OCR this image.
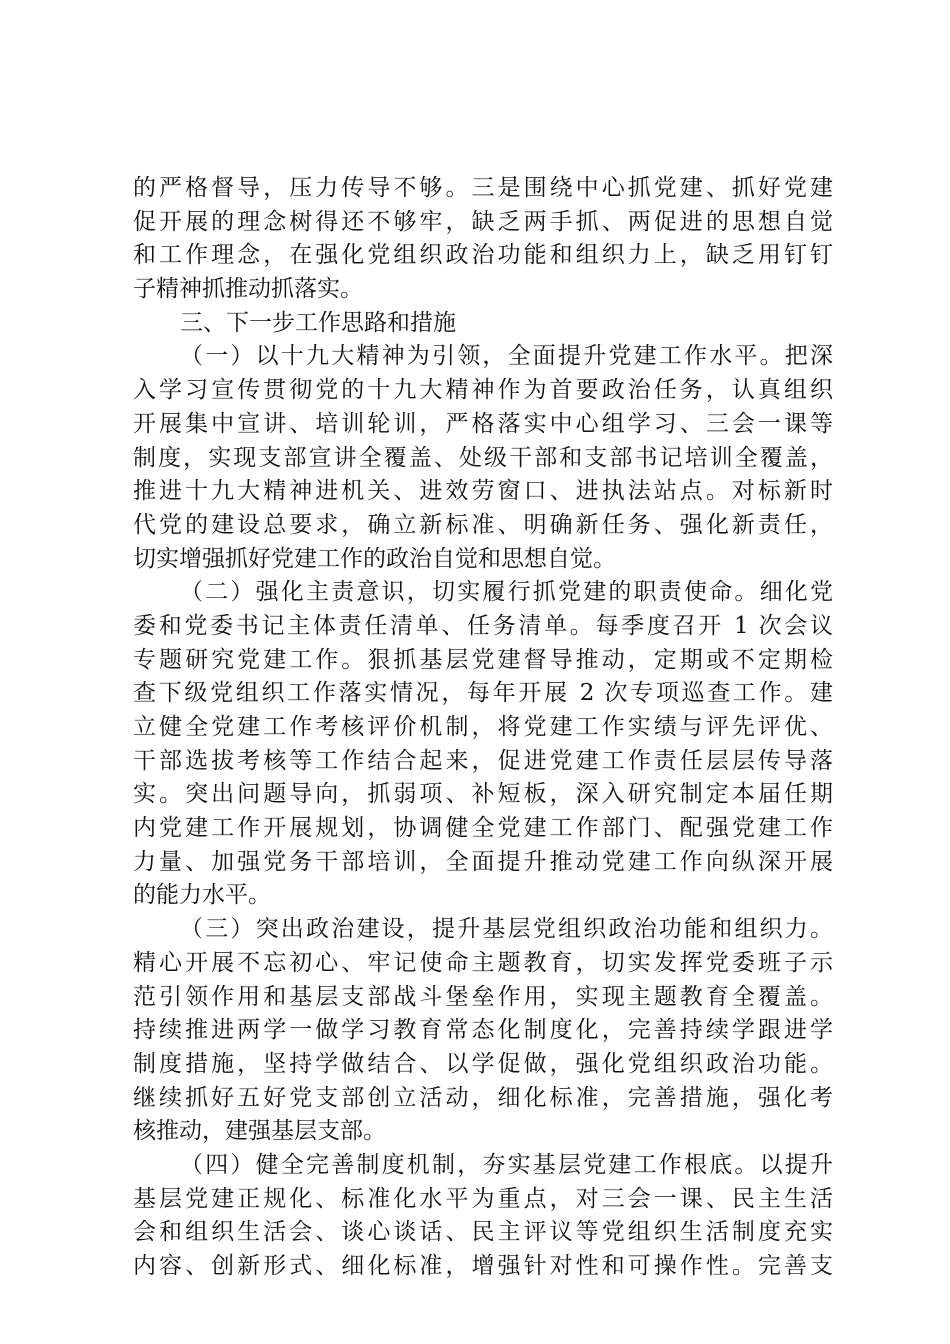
的严格督导，压力传导不够。三是围绕中心抓党建、抓好党建
促开展的理念树得还不够牢，缺乏两手抓、两促进的思想自觉
和工作理念，在强化党组织政治功能和组织力上，缺乏用钉钉
子精神抓推动抓落实。
三、下一步工作思路和措施
（一）以十九大精神为引领，全面提升党建工作水平。把深
入学习宣传贯彻党的十九大精神作为首要政治任务，认真组织
开展集中宣讲、培训轮训，严格落实中心组学习、三会一课等
制度，实现支部宣讲全覆盖、处级干部和支部书记培训全覆盖，
推进十九大精神进机关、进效劳窗口、进执法站点。对标新时
代党的建设总要求，确立新标准、明确新任务、强化新责任，
切实增强抓好党建工作的政治自觉和思想自觉。
（二）强化主责意识，切实履行抓党建的职责使命。细化党
委和党委书记主体责任清单、任务清单。每季度召开 1 次会议
专题研究党建工作。狠抓基层党建督导推动，定期或不定期检
查下级党组织工作落实情况，每年开展 2 次专项巡查工作。建
立健全党建工作考核评价机制，将党建工作实绩与评先评优、
干部选拔考核等工作结合起来，促进党建工作责任层层传导落
实。突出问题导向，抓弱项、补短板，深入研究制定本届任期
内党建工作开展规划，协调健全党建工作部门、配强党建工作
力量、加强党务干部培训，全面提升推动党建工作向纵深开展
的能力水平。
（三）突出政治建设，提升基层党组织政治功能和组织力。
精心开展不忘初心、牢记使命主题教育，切实发挥党委班子示
范引领作用和基层支部战斗堡垒作用，实现主题教育全覆盖。
持续推进两学一做学习教育常态化制度化，完善持续学跟进学
制度措施，坚持学做结合、以学促做，强化党组织政治功能。
继续抓好五好党支部创立活动，细化标准，完善措施，强化考
核推动，建强基层支部。
（四）健全完善制度机制，夯实基层党建工作根底。以提升
基层党建正规化、标准化水平为重点，对三会一课、民主生活
会和组织生活会、谈心谈话、民主评议等党组织生活制度充实
内容、创新形式、细化标准，增强针对性和可操作性。完善支
